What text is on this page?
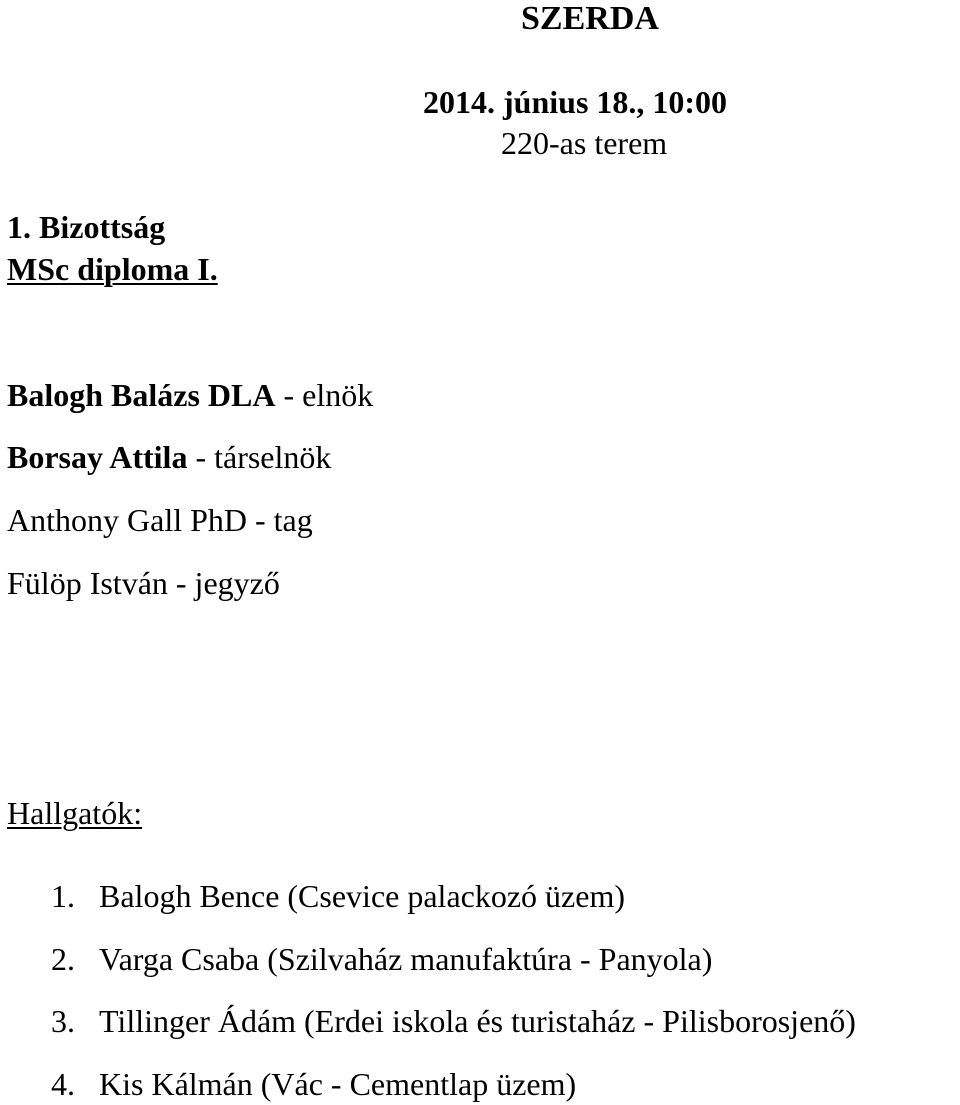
SZERDA
2014. június 18., 10:00
220-as terem
1. Bizottság
MSc diploma I.
Balogh Balázs DLA - elnök
Borsay Attila - társelnök
Anthony Gall PhD - tag
Fülöp István - jegyző
Hallgatók:
1. Balogh Bence (Csevice palackozó üzem)
2. Varga Csaba (Szilvaház manufaktúra - Panyola)
3. Tillinger Ádám (Erdei iskola és turistaház - Pilisborosjenő)
4. Kis Kálmán (Vác - Cementlap üzem)
